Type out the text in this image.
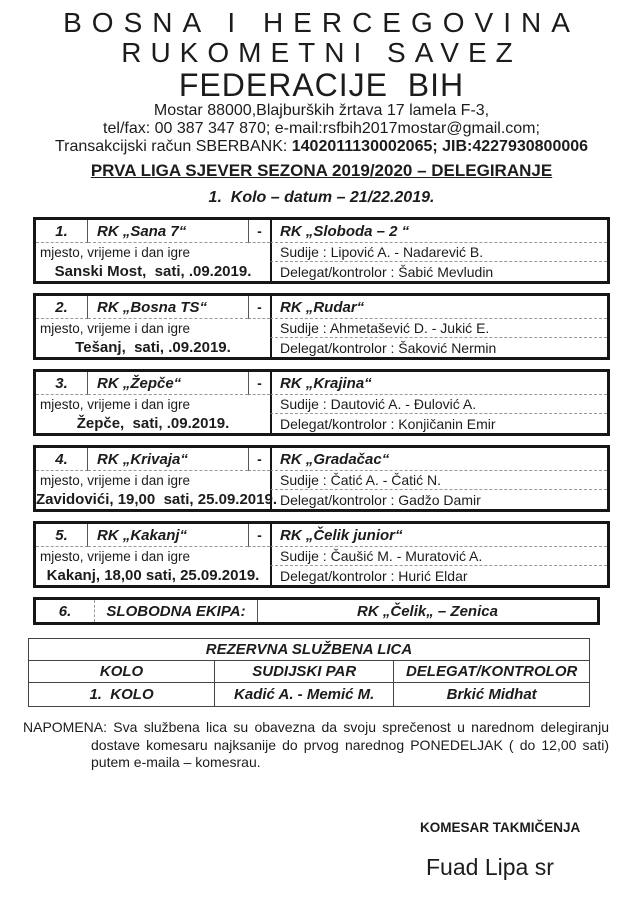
BOSNA I HERCEGOVINA
RUKOMETNI SAVEZ
FEDERACIJE  BIH
Mostar 88000,Blajburških žrtava 17 lamela F-3,
tel/fax: 00 387 347 870; e-mail:rsfbih2017mostar@gmail.com;
Transakcijski račun SBERBANK: 1402011130002065; JIB:4227930800006
PRVA LIGA SJEVER SEZONA 2019/2020 – DELEGIRANJE
1.  Kolo – datum – 21/22.2019.
1.	RK „Sana 7“	-	RK „Sloboda – 2 “
mjesto, vrijeme i dan igre
Sanski Most,  sati, .09.2019.
Sudije : Lipović A. - Nadarević B.
Delegat/kontrolor : Šabić Mevludin
2.	RK „Bosna TS“	-	RK „Rudar“
mjesto, vrijeme i dan igre
Tešanj,  sati, .09.2019.
Sudije : Ahmetašević D. - Jukić E.
Delegat/kontrolor : Šaković Nermin
3.	RK „Žepče“	-	RK „Krajina“
mjesto, vrijeme i dan igre
Žepče,  sati, .09.2019.
Sudije : Dautović A. - Đulović A.
Delegat/kontrolor : Konjičanin Emir
4.	RK „Krivaja“	-	RK „Gradačac“
mjesto, vrijeme i dan igre
Zavidovići, 19,00  sati, 25.09.2019.
Sudije : Čatić A. - Čatić N.
Delegat/kontrolor : Gadžo Damir
5.	RK „Kakanj“	-	RK „Čelik junior“
mjesto, vrijeme i dan igre
Kakanj, 18,00 sati, 25.09.2019.
Sudije : Čaušić M. - Muratović A.
Delegat/kontrolor : Hurić Eldar
6.	SLOBODNA EKIPA:	RK „Čelik„ – Zenica
REZERVNA SLUŽBENA LICA		
KOLO	SUDIJSKI PAR	DELEGAT/KONTROLOR
1.  KOLO	Kadić A. - Memić M.	Brkić Midhat
NAPOMENA: Sva službena lica su obavezna da svoju sprečenost u narednom delegiranju dostave komesaru najksanije do prvog narednog PONEDELJAK ( do 12,00 sati) putem e-maila – komesrau.
KOMESAR TAKMIČENJA
Fuad Lipa sr
